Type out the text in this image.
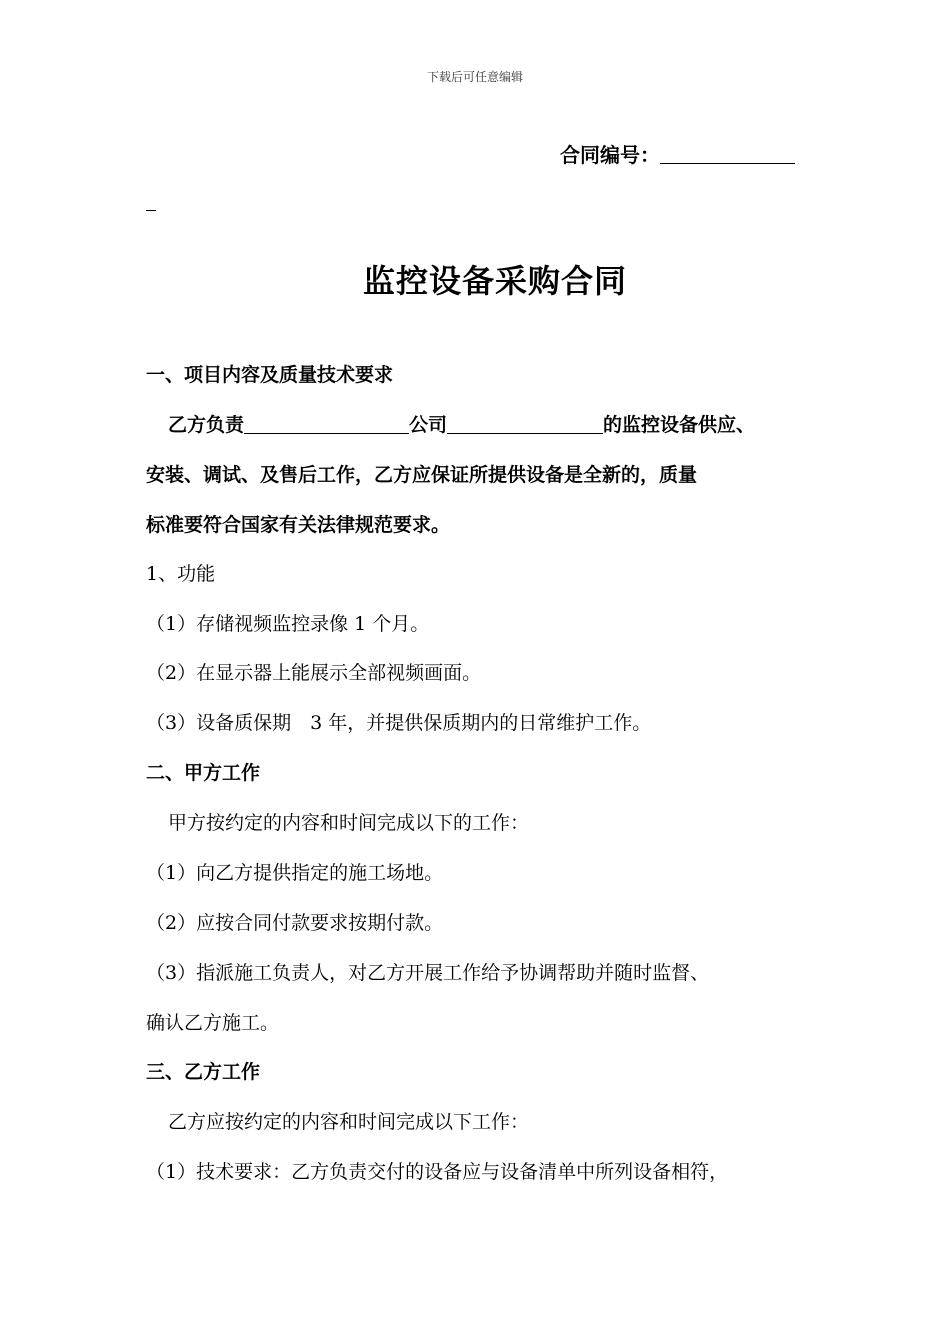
下载后可任意编辑
合同编号：
监控设备采购合同
一、项目内容及质量技术要求
乙方负责	公司	的监控设备供应、
安装、调试、及售后工作，乙方应保证所提供设备是全新的，质量
标准要符合国家有关法律规范要求。
1、功能
（1）存储视频监控录像 1 个月。
（2）在显示器上能展示全部视频画面。
（3）设备质保期　3 年，并提供保质期内的日常维护工作。
二、甲方工作
甲方按约定的内容和时间完成以下的工作：
（1）向乙方提供指定的施工场地。
（2）应按合同付款要求按期付款。
（3）指派施工负责人，对乙方开展工作给予协调帮助并随时监督、
确认乙方施工。
三、乙方工作
乙方应按约定的内容和时间完成以下工作：
（1）技术要求：乙方负责交付的设备应与设备清单中所列设备相符，
